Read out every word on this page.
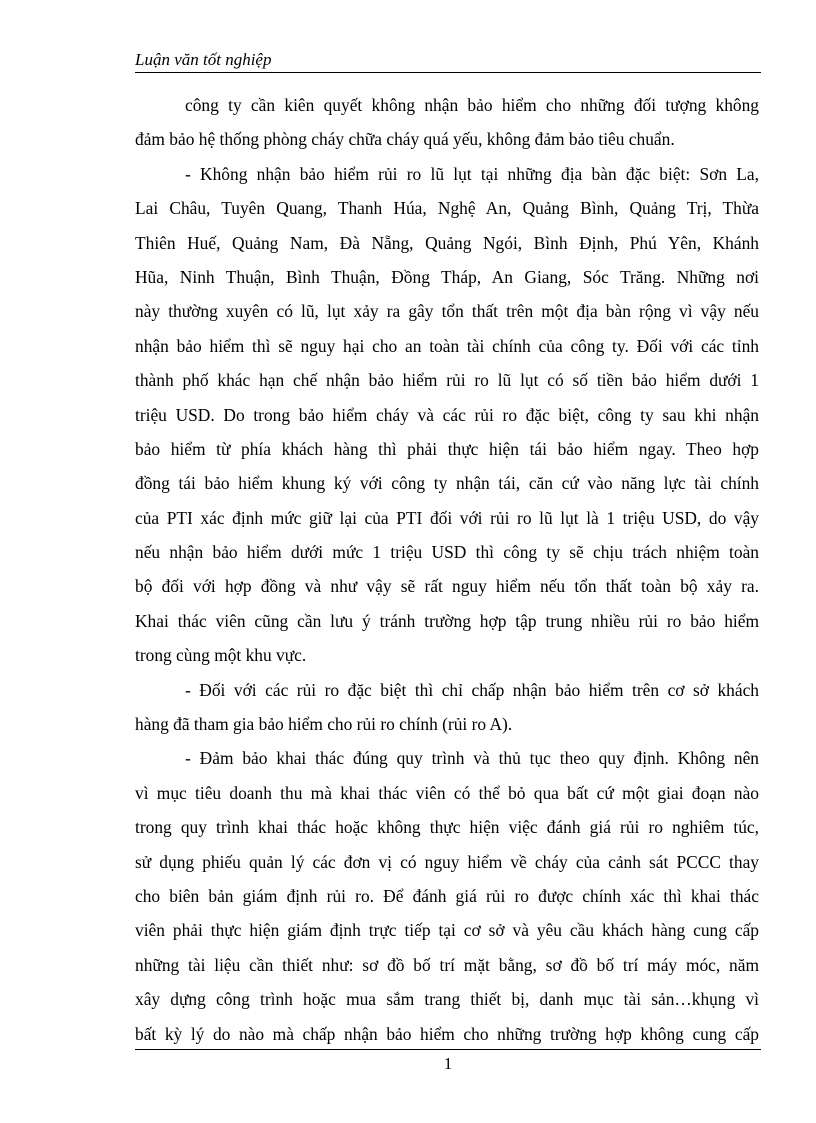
Luận văn tốt nghiệp
công ty cần kiên quyết không nhận bảo hiểm cho những đối tượng không
đảm bảo hệ thống phòng cháy chữa cháy quá yếu, không đảm bảo tiêu chuẩn.
- Không nhận bảo hiểm rủi ro lũ lụt tại những địa bàn đặc biệt: Sơn La,
Lai Châu, Tuyên Quang, Thanh Húa, Nghệ An, Quảng Bình, Quảng Trị, Thừa
Thiên Huế, Quảng Nam, Đà Nẵng, Quảng Ngói, Bình Định, Phú Yên, Khánh
Hũa, Ninh Thuận, Bình Thuận, Đồng Tháp, An Giang, Sóc Trăng. Những nơi
này thường xuyên có lũ, lụt xảy ra gây tổn thất trên một địa bàn rộng vì vậy nếu
nhận bảo hiểm thì sẽ nguy hại cho an toàn tài chính của công ty. Đối với các tỉnh
thành phố khác hạn chế nhận bảo hiểm rủi ro lũ lụt có số tiền bảo hiểm dưới 1
triệu USD. Do trong bảo hiểm cháy và các rủi ro đặc biệt, công ty sau khi nhận
bảo hiểm từ phía khách hàng thì phải thực hiện tái bảo hiểm ngay. Theo hợp
đồng tái bảo hiểm khung ký với công ty nhận tái, căn cứ vào năng lực tài chính
của PTI xác định mức giữ lại của PTI đối với rủi ro lũ lụt là 1 triệu USD, do vậy
nếu nhận bảo hiểm dưới mức 1 triệu USD thì công ty sẽ chịu trách nhiệm toàn
bộ đối với hợp đồng và như vậy sẽ rất nguy hiểm nếu tổn thất toàn bộ xảy ra.
Khai thác viên cũng cần lưu ý tránh trường hợp tập trung nhiều rủi ro bảo hiểm
trong cùng một khu vực.
- Đối với các rủi ro đặc biệt thì chỉ chấp nhận bảo hiểm trên cơ sở khách
hàng đã tham gia bảo hiểm cho rủi ro chính (rủi ro A).
- Đảm bảo khai thác đúng quy trình và thủ tục theo quy định. Không nên
vì mục tiêu doanh thu mà khai thác viên có thể bỏ qua bất cứ một giai đoạn nào
trong quy trình khai thác hoặc không thực hiện việc đánh giá rủi ro nghiêm túc,
sử dụng phiếu quản lý các đơn vị có nguy hiểm về cháy của cảnh sát PCCC thay
cho biên bản giám định rủi ro. Để đánh giá rủi ro được chính xác thì khai thác
viên phải thực hiện giám định trực tiếp tại cơ sở và yêu cầu khách hàng cung cấp
những tài liệu cần thiết như: sơ đồ bố trí mặt bằng, sơ đồ bố trí máy móc, năm
xây dựng công trình hoặc mua sắm trang thiết bị, danh mục tài sản…khụng vì
bất kỳ lý do nào mà chấp nhận bảo hiểm cho những trường hợp không cung cấp
1
